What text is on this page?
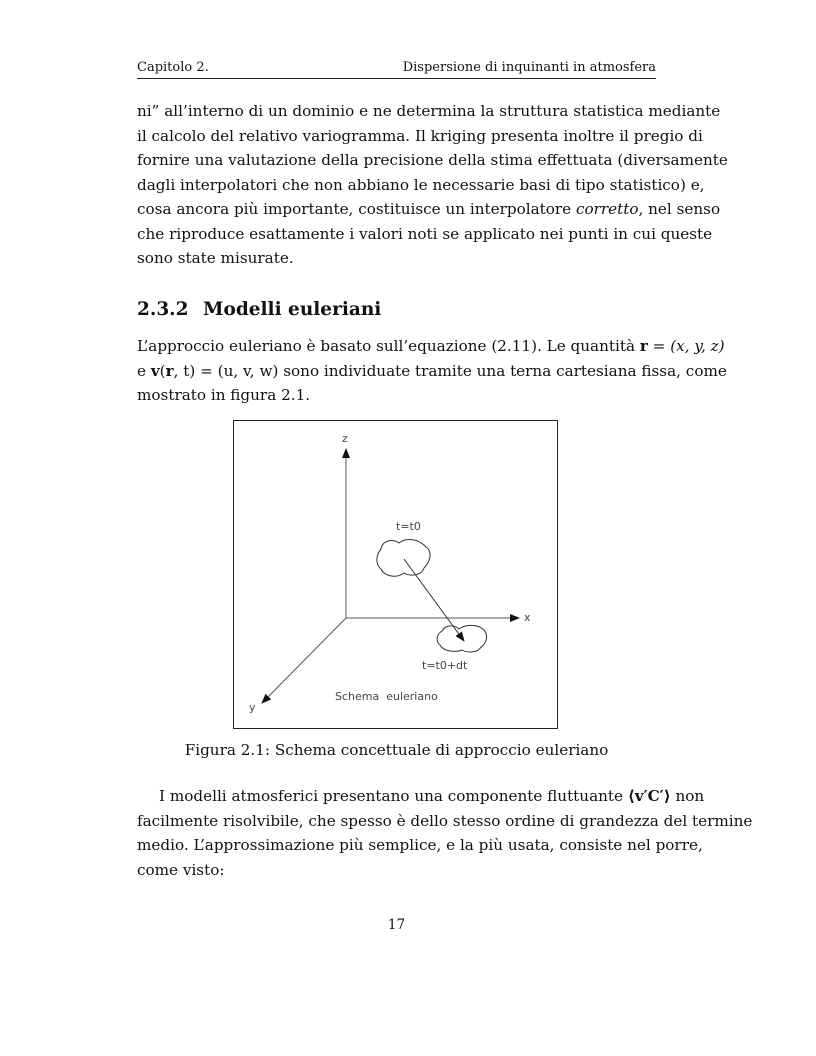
Capitolo 2.	Dispersione di inquinanti in atmosfera
ni” all’interno di un dominio e ne determina la struttura statistica mediante
il calcolo del relativo variogramma. Il kriging presenta inoltre il pregio di
fornire una valutazione della precisione della stima effettuata (diversamente
dagli interpolatori che non abbiano le necessarie basi di tipo statistico) e,
cosa ancora più importante, costituisce un interpolatore corretto, nel senso
che riproduce esattamente i valori noti se applicato nei punti in cui queste
sono state misurate.
2.3.2 Modelli euleriani
L’approccio euleriano è basato sull’equazione (2.11). Le quantità r = (x, y, z)
e v(r, t) = (u, v, w) sono individuate tramite una terna cartesiana fissa, come
mostrato in figura 2.1.
z
x
y
t=t0
t=t0+dt
Schema  euleriano
Figura 2.1: Schema concettuale di approccio euleriano
I modelli atmosferici presentano una componente fluttuante ⟨v′C′⟩ non
facilmente risolvibile, che spesso è dello stesso ordine di grandezza del termine
medio. L’approssimazione più semplice, e la più usata, consiste nel porre,
come visto:
17
